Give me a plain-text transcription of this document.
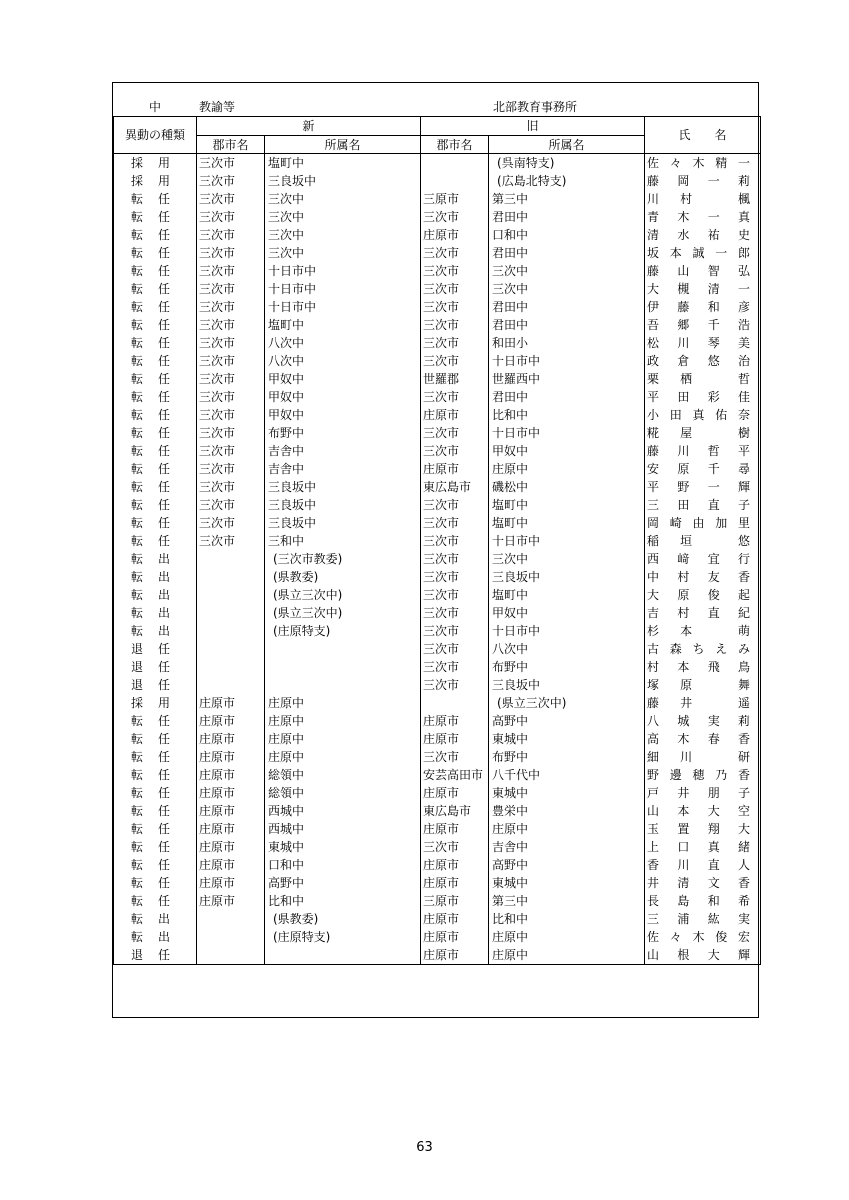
中	教諭等	北部教育事務所
異動の種類	新		旧		氏　　名
	郡市名	所属名	郡市名	所属名	
採用	三次市	塩町中		(呉南特支)	佐々木精一
採用	三次市	三良坂中		(広島北特支)	藤岡一莉
転任	三次市	三次中	三原市	第三中	川村 楓
転任	三次市	三次中	三次市	君田中	青木一真
転任	三次市	三次中	庄原市	口和中	清水祐史
転任	三次市	三次中	三次市	君田中	坂本誠一郎
転任	三次市	十日市中	三次市	三次中	藤山智弘
転任	三次市	十日市中	三次市	三次中	大槻清一
転任	三次市	十日市中	三次市	君田中	伊藤和彦
転任	三次市	塩町中	三次市	君田中	吾郷千浩
転任	三次市	八次中	三次市	和田小	松川琴美
転任	三次市	八次中	三次市	十日市中	政倉悠治
転任	三次市	甲奴中	世羅郡	世羅西中	栗栖 哲
転任	三次市	甲奴中	三次市	君田中	平田彩佳
転任	三次市	甲奴中	庄原市	比和中	小田真佑奈
転任	三次市	布野中	三次市	十日市中	糀屋 樹
転任	三次市	吉舎中	三次市	甲奴中	藤川哲平
転任	三次市	吉舎中	庄原市	庄原中	安原千尋
転任	三次市	三良坂中	東広島市	磯松中	平野一輝
転任	三次市	三良坂中	三次市	塩町中	三田直子
転任	三次市	三良坂中	三次市	塩町中	岡崎由加里
転任	三次市	三和中	三次市	十日市中	稲垣 悠
転出		(三次市教委)	三次市	三次中	西﨑宜行
転出		(県教委)	三次市	三良坂中	中村友香
転出		(県立三次中)	三次市	塩町中	大原俊起
転出		(県立三次中)	三次市	甲奴中	吉村直紀
転出		(庄原特支)	三次市	十日市中	杉本 萌
退任			三次市	八次中	古森ちえみ
退任			三次市	布野中	村本飛鳥
退任			三次市	三良坂中	塚原 舞
採用	庄原市	庄原中		(県立三次中)	藤井 遥
転任	庄原市	庄原中	庄原市	高野中	八城実莉
転任	庄原市	庄原中	庄原市	東城中	高木春香
転任	庄原市	庄原中	三次市	布野中	細川 研
転任	庄原市	総領中	安芸高田市	八千代中	野邊穂乃香
転任	庄原市	総領中	庄原市	東城中	戸井朋子
転任	庄原市	西城中	東広島市	豊栄中	山本大空
転任	庄原市	西城中	庄原市	庄原中	玉置翔大
転任	庄原市	東城中	三次市	吉舎中	上口真緒
転任	庄原市	口和中	庄原市	高野中	香川直人
転任	庄原市	高野中	庄原市	東城中	井清文香
転任	庄原市	比和中	三原市	第三中	長島和希
転出		(県教委)	庄原市	比和中	三浦紘実
転出		(庄原特支)	庄原市	庄原中	佐々木俊宏
退任			庄原市	庄原中	山根大輝
63
